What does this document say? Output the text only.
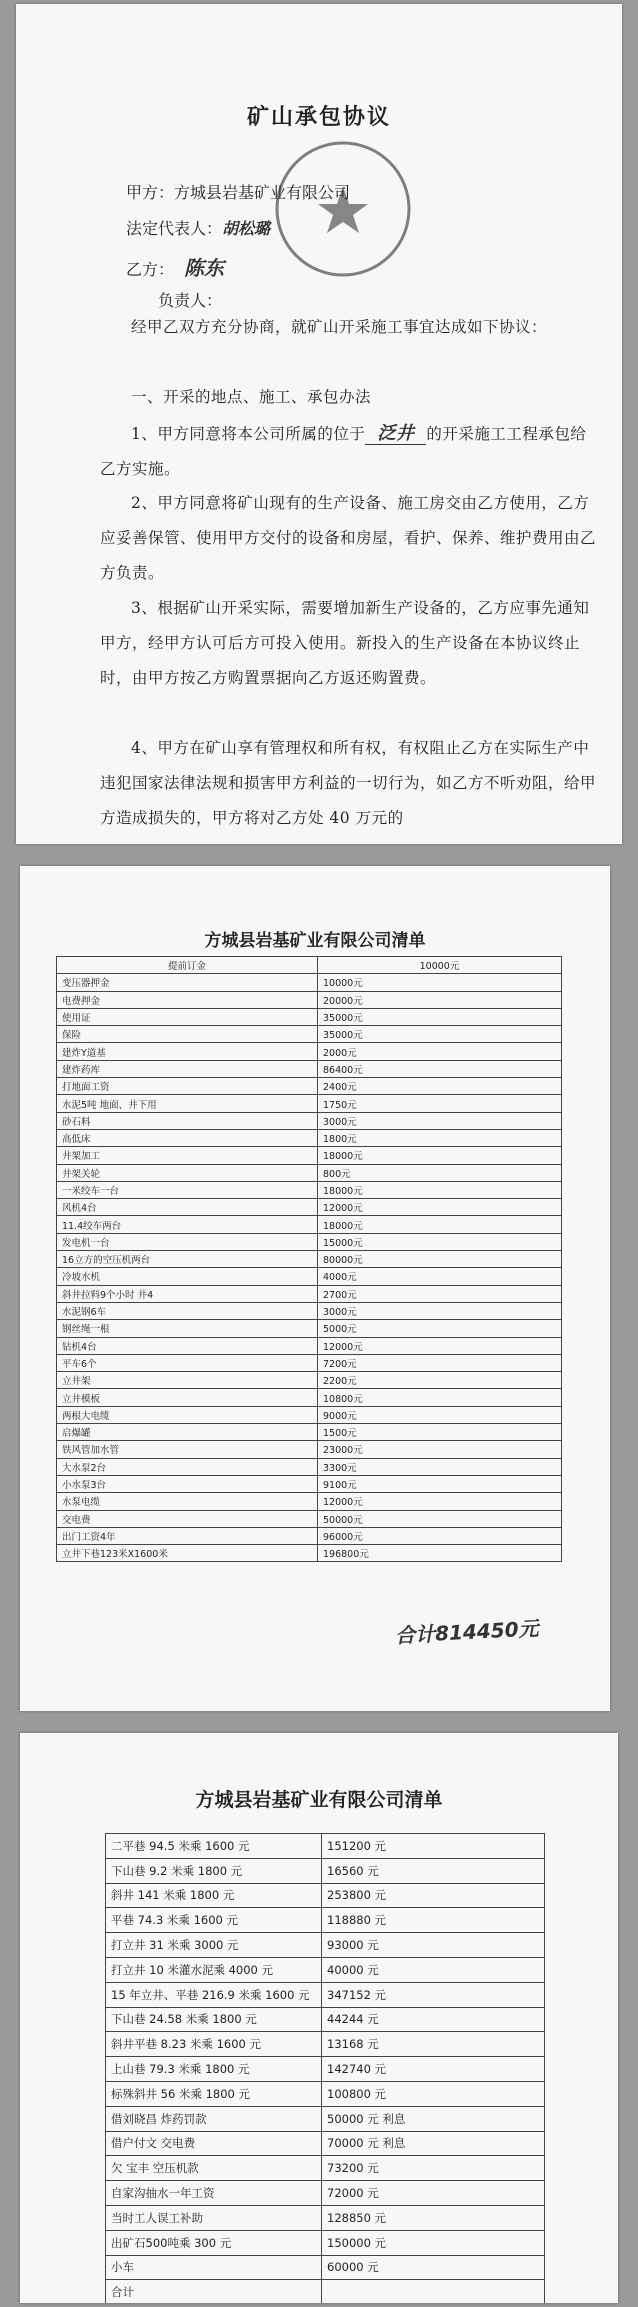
矿山承包协议
甲方：方城县岩基矿业有限公司
法定代表人：胡松璐
乙方： 陈东
负责人：
经甲乙双方充分协商，就矿山开采施工事宜达成如下协议：
一、开采的地点、施工、承包办法
1、甲方同意将本公司所属的位于 泛井 的开采施工工程承包给乙方实施。
2、甲方同意将矿山现有的生产设备、施工房交由乙方使用，乙方应妥善保管、使用甲方交付的设备和房屋，看护、保养、维护费用由乙方负责。
3、根据矿山开采实际，需要增加新生产设备的，乙方应事先通知甲方，经甲方认可后方可投入使用。新投入的生产设备在本协议终止时，由甲方按乙方购置票据向乙方返还购置费。
4、甲方在矿山享有管理权和所有权，有权阻止乙方在实际生产中违犯国家法律法规和损害甲方利益的一切行为，如乙方不听劝阻，给甲方造成损失的，甲方将对乙方处 40 万元的
方城县岩基矿业有限公司清单
提前订金	10000元
变压器押金	10000元
电费押金	20000元
使用证	35000元
保险	35000元
建炸Y道基	2000元
建炸药库	86400元
打地面工资	2400元
水泥5吨 地面、井下用	1750元
砂石料	3000元
高低床	1800元
井架加工	18000元
井架关轮	800元
一米绞车一台	18000元
风机4台	12000元
11.4绞车两台	18000元
发电机一台	15000元
16立方的空压机两台	80000元
冷坡水机	4000元
斜井拉料9个小时 井4	2700元
水泥钢6车	3000元
钢丝绳一根	5000元
钻机4台	12000元
平车6个	7200元
立井架	2200元
立井模板	10800元
两根大电缆	9000元
启爆罐	1500元
铁风管加水管	23000元
大水泵2台	3300元
小水泵3台	9100元
水泵电缆	12000元
交电费	50000元
出门工资4年	96000元
立井下巷123米X1600米	196800元
合计814450元
方城县岩基矿业有限公司清单
二平巷 94.5 米乘 1600 元	151200 元
下山巷 9.2 米乘 1800 元	16560 元
斜井 141 米乘 1800 元	253800 元
平巷 74.3 米乘 1600 元	118880 元
打立井 31 米乘 3000 元	93000 元
打立井 10 米灌水泥乘 4000 元	40000 元
15 年立井、平巷 216.9 米乘 1600 元	347152 元
下山巷 24.58 米乘 1800 元	44244 元
斜井平巷 8.23 米乘 1600 元	13168 元
上山巷 79.3 米乘 1800 元	142740 元
标殊斜井 56 米乘 1800 元	100800 元
借刘晓昌 炸药罚款	50000 元 利息
借户付文 交电费	70000 元 利息
欠 宝丰 空压机款	73200 元
自家沟抽水一年工资	72000 元
当时工人误工补助	128850 元
出矿石500吨乘 300 元	150000 元
小车	60000 元
合计	
